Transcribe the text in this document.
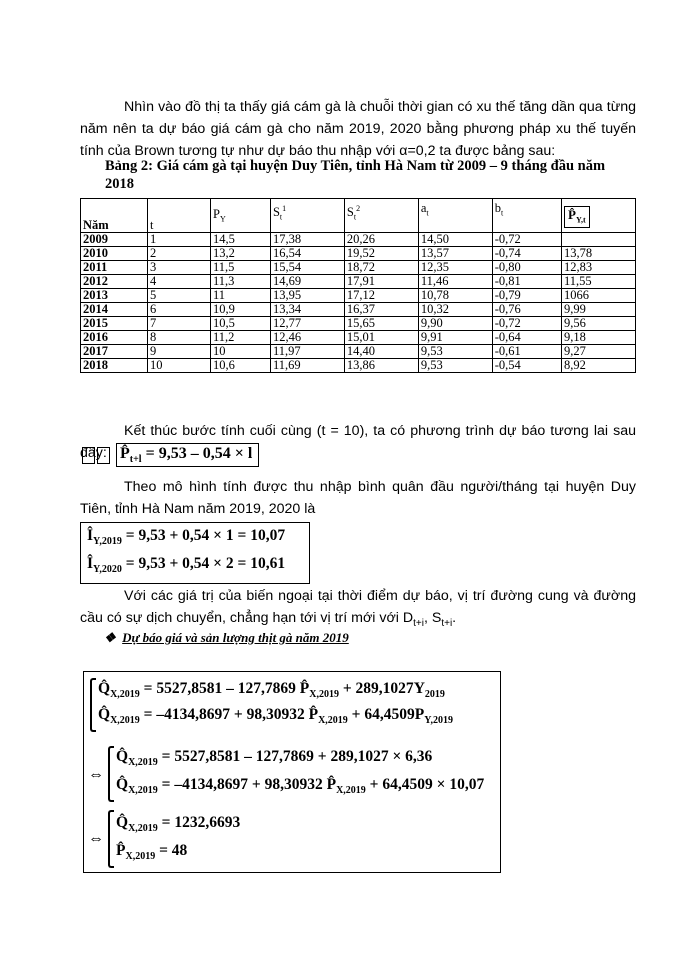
Nhìn vào đồ thị ta thấy giá cám gà là chuỗi thời gian có xu thế tăng dần qua từng năm nên ta dự báo giá cám gà cho năm 2019, 2020 bằng phương pháp xu thế tuyến tính của Brown tương tự như dự báo thu nhập với α=0,2 ta được bảng sau:
Bảng 2: Giá cám gà tại huyện Duy Tiên, tỉnh Hà Nam từ 2009 – 9 tháng đầu năm 2018
Năm	t	$P_Y$	$S_t^1$	$S_t^2$	$a_t$	$b_t$	$P̂_{Y,t}$
2009	1	14,5	17,38	20,26	14,50	-0,72	
2010	2	13,2	16,54	19,52	13,57	-0,74	13,78
2011	3	11,5	15,54	18,72	12,35	-0,80	12,83
2012	4	11,3	14,69	17,91	11,46	-0,81	11,55
2013	5	11	13,95	17,12	10,78	-0,79	1066
2014	6	10,9	13,34	16,37	10,32	-0,76	9,99
2015	7	10,5	12,77	15,65	9,90	-0,72	9,56
2016	8	11,2	12,46	15,01	9,91	-0,64	9,18
2017	9	10	11,97	14,40	9,53	-0,61	9,27
2018	10	10,6	11,69	13,86	9,53	-0,54	8,92
Kết thúc bước tính cuối cùng (t = 10), ta có phương trình dự báo tương lai sau đây: $P̂_{t+l} = 9,53 - 0,54 \times l$
Theo mô hình tính được thu nhập bình quân đầu người/tháng tại huyện Duy Tiên, tỉnh Hà Nam năm 2019, 2020 là
$Î_{Y,2019} = 9,53 + 0,54 \times 1 = 10,07$
$Î_{Y,2020} = 9,53 + 0,54 \times 2 = 10,61$
Với các giá trị của biến ngoại tại thời điểm dự báo, vị trí đường cung và đường cầu có sự dịch chuyển, chẳng hạn tới vị trí mới với $D_{t+i}$, $S_{t+i}$.
❖ Dự báo giá và sản lượng thịt gà năm 2019
$Q̂_{X,2019} = 5527,8581 - 127,7869$ $P̂_{X,2019} + 289,1027Y_{2019}$
$Q̂_{X,2019} = -4134,8697 + 98,30932$ $P̂_{X,2019} + 64,4509P_{Y,2019}$
⇔
$Q̂_{X,2019} = 5527,8581 - 127,7869 + 289,1027 \times 6,36$
$Q̂_{X,2019} = -4134,8697 + 98,30932$ $P̂_{X,2019} + 64,4509 \times 10,07$
⇔
$Q̂_{X,2019} = 1232,6693$
$P̂_{X,2019} = 48$
